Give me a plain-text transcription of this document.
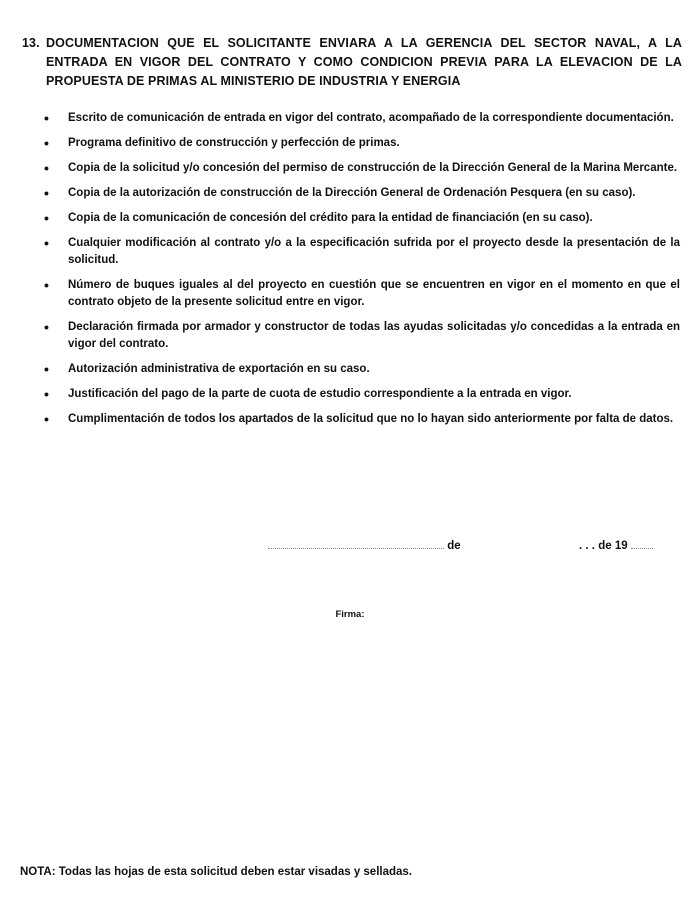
13. DOCUMENTACION QUE EL SOLICITANTE ENVIARA A LA GERENCIA DEL SECTOR NAVAL, A LA ENTRADA EN VIGOR DEL CONTRATO Y COMO CONDICION PREVIA PARA LA ELEVACION DE LA PROPUESTA DE PRIMAS AL MINISTERIO DE INDUSTRIA Y ENERGIA
•	Escrito de comunicación de entrada en vigor del contrato, acompañado de la correspondiente documentación.
•	Programa definitivo de construcción y perfección de primas.
•	Copia de la solicitud y/o concesión del permiso de construcción de la Dirección General de la Marina Mercante.
•	Copia de la autorización de construcción de la Dirección General de Ordenación Pesquera (en su caso).
•	Copia de la comunicación de concesión del crédito para la entidad de financiación (en su caso).
•	Cualquier modificación al contrato y/o a la especificación sufrida por el proyecto desde la presentación de la solicitud.
•	Número de buques iguales al del proyecto en cuestión que se encuentren en vigor en el momento en que el contrato objeto de la presente solicitud entre en vigor.
•	Declaración firmada por armador y constructor de todas las ayudas solicitadas y/o concedidas a la entrada en vigor del contrato.
•	Autorización administrativa de exportación en su caso.
•	Justificación del pago de la parte de cuota de estudio correspondiente a la entrada en vigor.
•	Cumplimentación de todos los apartados de la solicitud que no lo hayan sido anteriormente por falta de datos.
de	. . . de 19
Firma:
NOTA: Todas las hojas de esta solicitud deben estar visadas y selladas.
